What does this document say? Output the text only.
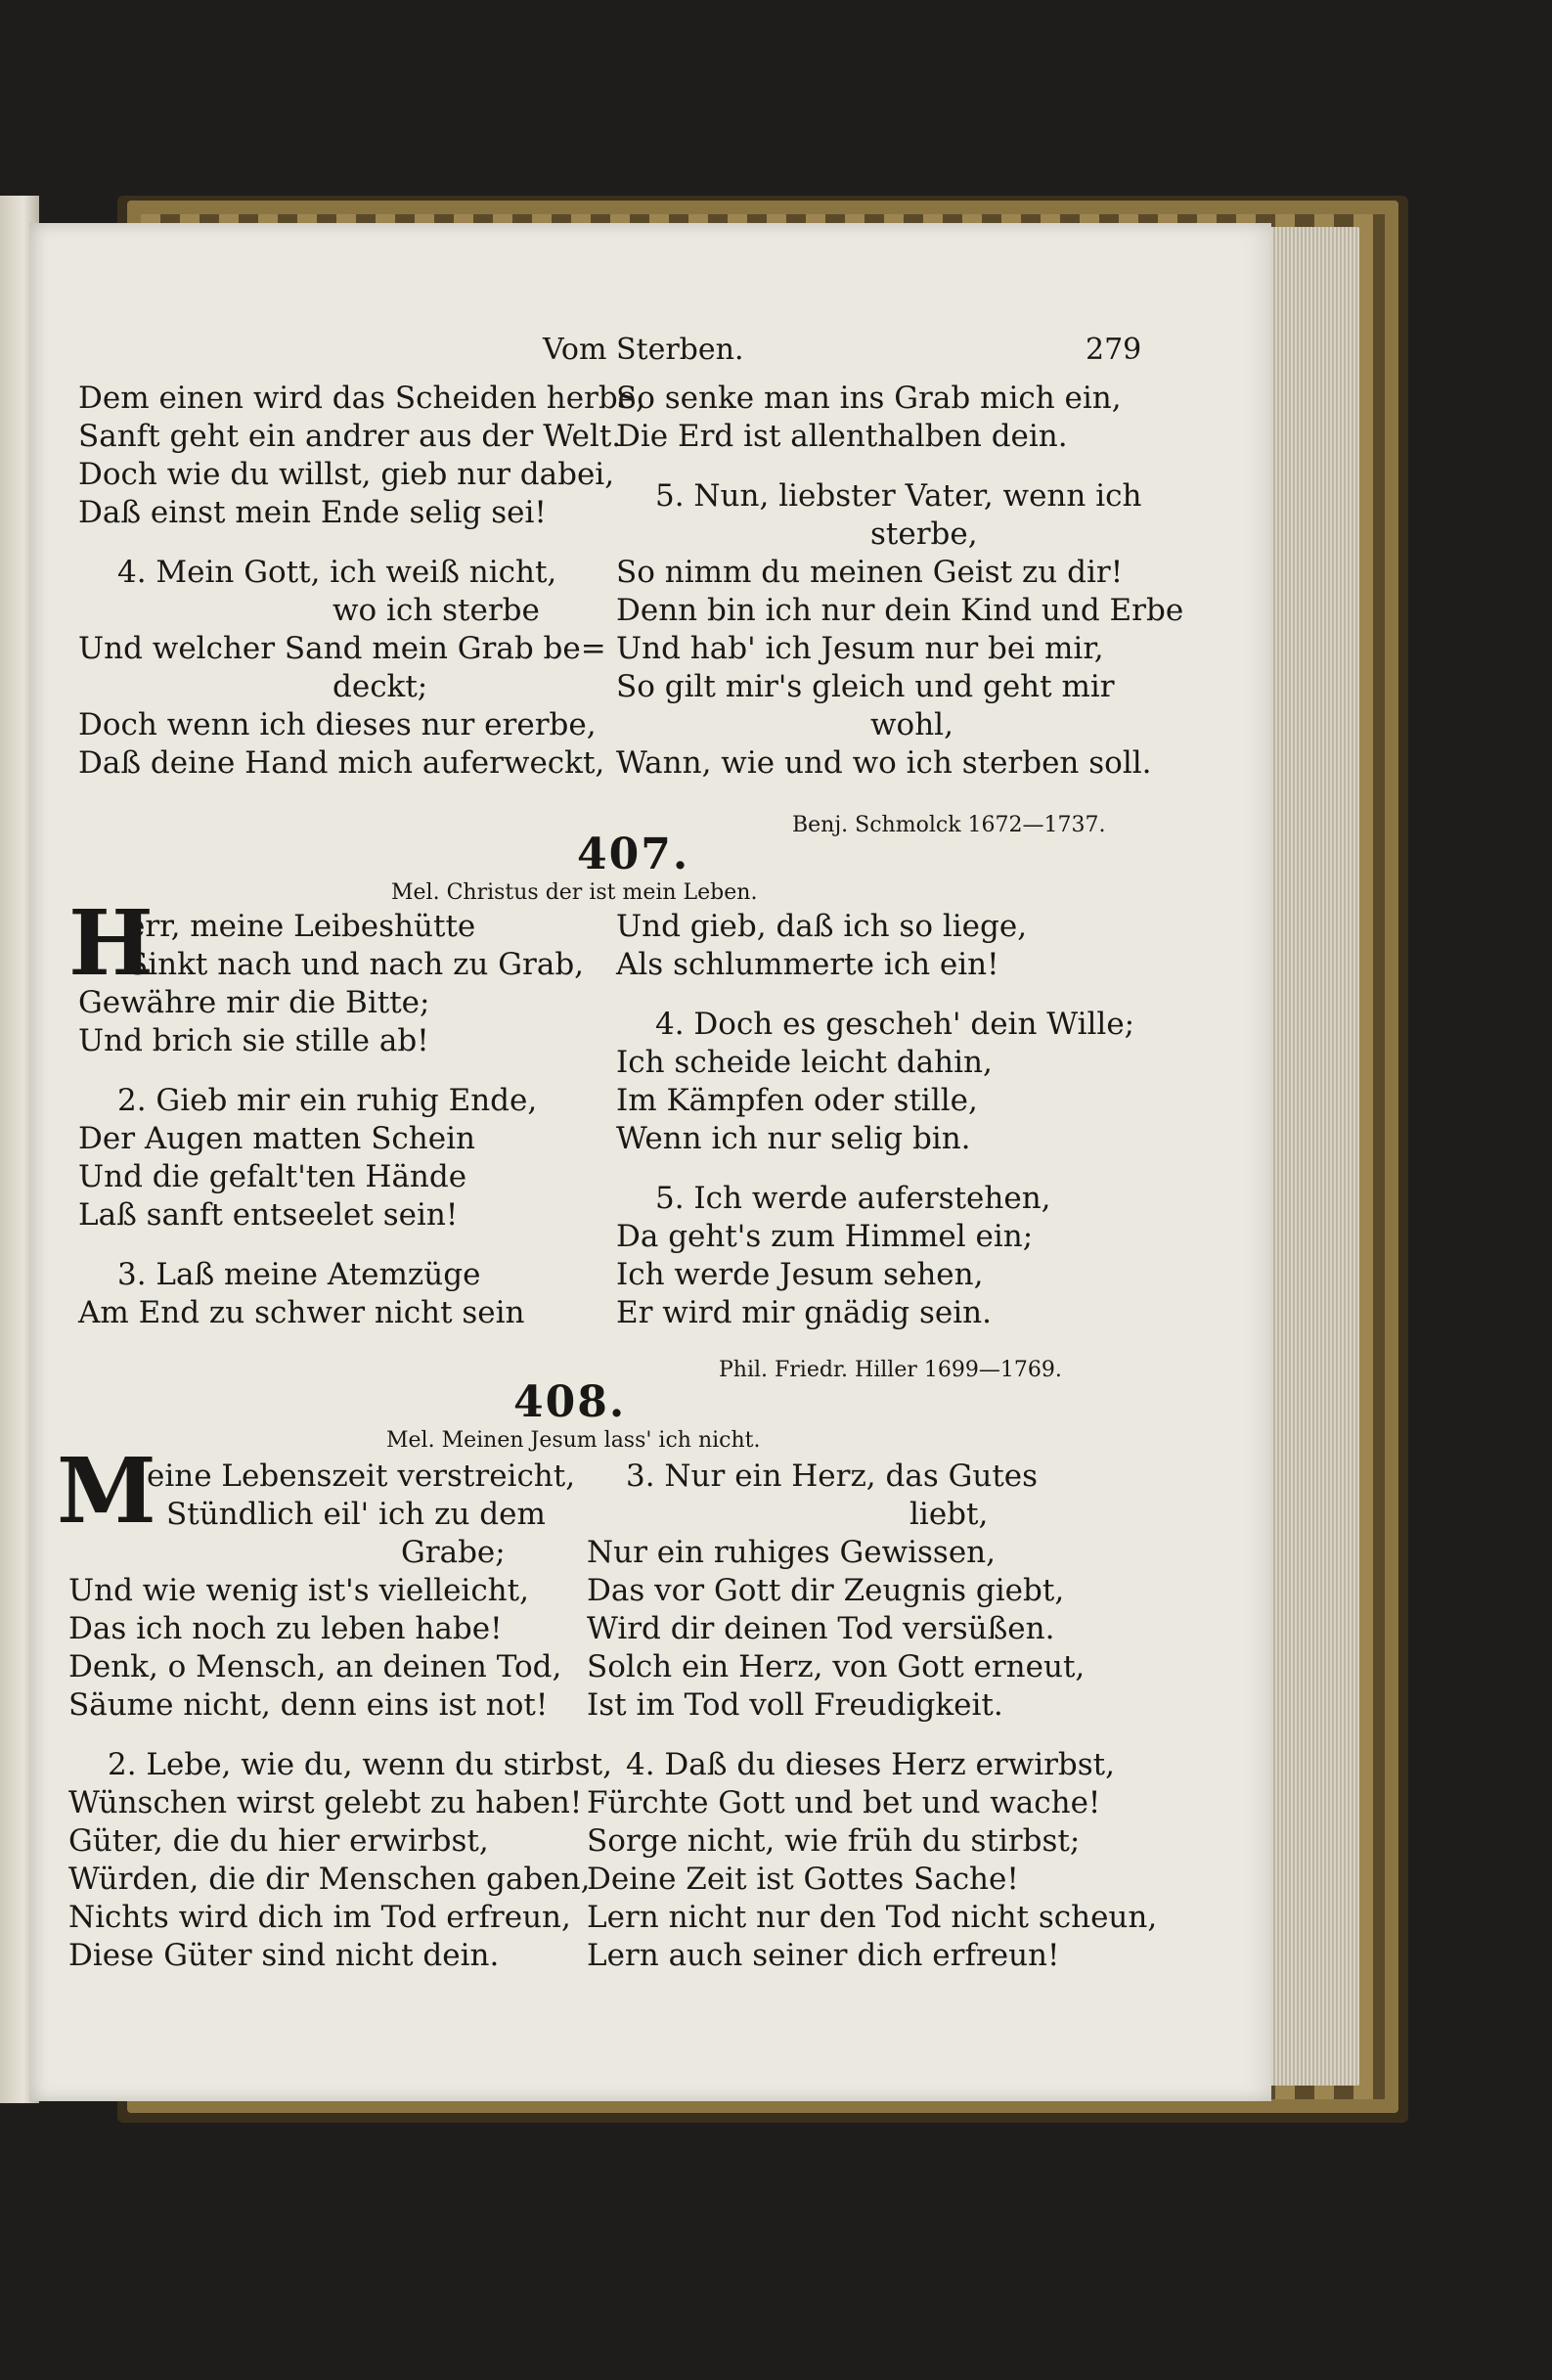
Vom Sterben.	279
Dem einen wird das Scheiden herbe,
Sanft geht ein andrer aus der Welt.
Doch wie du willst, gieb nur dabei,
Daß einst mein Ende selig sei!
4. Mein Gott, ich weiß nicht,
wo ich sterbe
Und welcher Sand mein Grab be=
deckt;
Doch wenn ich dieses nur ererbe,
Daß deine Hand mich auferweckt,
So senke man ins Grab mich ein,
Die Erd ist allenthalben dein.
5. Nun, liebster Vater, wenn ich
sterbe,
So nimm du meinen Geist zu dir!
Denn bin ich nur dein Kind und Erbe
Und hab' ich Jesum nur bei mir,
So gilt mir's gleich und geht mir
wohl,
Wann, wie und wo ich sterben soll.
Benj. Schmolck 1672—1737.
407.
Mel. Christus der ist mein Leben.
H
err, meine Leibeshütte
Sinkt nach und nach zu Grab,
Gewähre mir die Bitte;
Und brich sie stille ab!
2. Gieb mir ein ruhig Ende,
Der Augen matten Schein
Und die gefalt'ten Hände
Laß sanft entseelet sein!
3. Laß meine Atemzüge
Am End zu schwer nicht sein
Und gieb, daß ich so liege,
Als schlummerte ich ein!
4. Doch es gescheh' dein Wille;
Ich scheide leicht dahin,
Im Kämpfen oder stille,
Wenn ich nur selig bin.
5. Ich werde auferstehen,
Da geht's zum Himmel ein;
Ich werde Jesum sehen,
Er wird mir gnädig sein.
Phil. Friedr. Hiller 1699—1769.
408.
Mel. Meinen Jesum lass' ich nicht.
M
eine Lebenszeit verstreicht,
Stündlich eil' ich zu dem
Grabe;
Und wie wenig ist's vielleicht,
Das ich noch zu leben habe!
Denk, o Mensch, an deinen Tod,
Säume nicht, denn eins ist not!
2. Lebe, wie du, wenn du stirbst,
Wünschen wirst gelebt zu haben!
Güter, die du hier erwirbst,
Würden, die dir Menschen gaben,
Nichts wird dich im Tod erfreun,
Diese Güter sind nicht dein.
3. Nur ein Herz, das Gutes
liebt,
Nur ein ruhiges Gewissen,
Das vor Gott dir Zeugnis giebt,
Wird dir deinen Tod versüßen.
Solch ein Herz, von Gott erneut,
Ist im Tod voll Freudigkeit.
4. Daß du dieses Herz erwirbst,
Fürchte Gott und bet und wache!
Sorge nicht, wie früh du stirbst;
Deine Zeit ist Gottes Sache!
Lern nicht nur den Tod nicht scheun,
Lern auch seiner dich erfreun!
